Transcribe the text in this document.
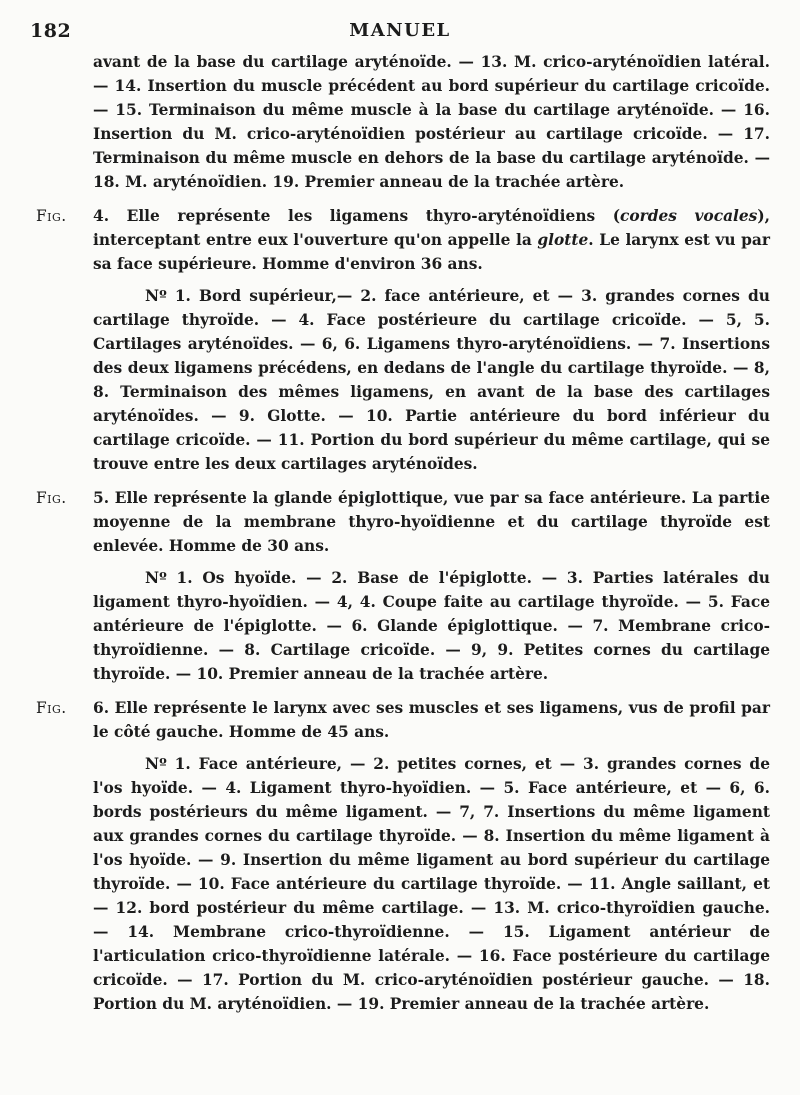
182	MANUEL
avant de la base du cartilage aryténoïde. — 13. M. crico-aryténoïdien latéral. — 14. Insertion du muscle précédent au bord supérieur du cartilage cricoïde. — 15. Terminaison du même muscle à la base du cartilage aryténoïde. — 16. Insertion du M. crico-aryténoïdien postérieur au cartilage cricoïde. — 17. Terminaison du même muscle en dehors de la base du cartilage aryténoïde. — 18. M. aryténoïdien. 19. Premier anneau de la trachée artère.
Fig. 4. Elle représente les ligamens thyro-aryténoïdiens (cordes vocales), interceptant entre eux l'ouverture qu'on appelle la glotte. Le larynx est vu par sa face supérieure. Homme d'environ 36 ans.
Nº 1. Bord supérieur,— 2. face antérieure, et — 3. grandes cornes du cartilage thyroïde. — 4. Face postérieure du cartilage cricoïde. — 5, 5. Cartilages aryténoïdes. — 6, 6. Ligamens thyro-aryténoïdiens. — 7. Insertions des deux ligamens précédens, en dedans de l'angle du cartilage thyroïde. — 8, 8. Terminaison des mêmes ligamens, en avant de la base des cartilages aryténoïdes. — 9. Glotte. — 10. Partie antérieure du bord inférieur du cartilage cricoïde. — 11. Portion du bord supérieur du même cartilage, qui se trouve entre les deux cartilages aryténoïdes.
Fig. 5. Elle représente la glande épiglottique, vue par sa face antérieure. La partie moyenne de la membrane thyro-hyoïdienne et du cartilage thyroïde est enlevée. Homme de 30 ans.
Nº 1. Os hyoïde. — 2. Base de l'épiglotte. — 3. Parties latérales du ligament thyro-hyoïdien. — 4, 4. Coupe faite au cartilage thyroïde. — 5. Face antérieure de l'épiglotte. — 6. Glande épiglottique. — 7. Membrane crico-thyroïdienne. — 8. Cartilage cricoïde. — 9, 9. Petites cornes du cartilage thyroïde. — 10. Premier anneau de la trachée artère.
Fig. 6. Elle représente le larynx avec ses muscles et ses ligamens, vus de profil par le côté gauche. Homme de 45 ans.
Nº 1. Face antérieure, — 2. petites cornes, et — 3. grandes cornes de l'os hyoïde. — 4. Ligament thyro-hyoïdien. — 5. Face antérieure, et — 6, 6. bords postérieurs du même ligament. — 7, 7. Insertions du même ligament aux grandes cornes du cartilage thyroïde. — 8. Insertion du même ligament à l'os hyoïde. — 9. Insertion du même ligament au bord supérieur du cartilage thyroïde. — 10. Face antérieure du cartilage thyroïde. — 11. Angle saillant, et — 12. bord postérieur du même cartilage. — 13. M. crico-thyroïdien gauche. — 14. Membrane crico-thyroïdienne. — 15. Ligament antérieur de l'articulation crico-thyroïdienne latérale. — 16. Face postérieure du cartilage cricoïde. — 17. Portion du M. crico-aryténoïdien postérieur gauche. — 18. Portion du M. aryténoïdien. — 19. Premier anneau de la trachée artère.
